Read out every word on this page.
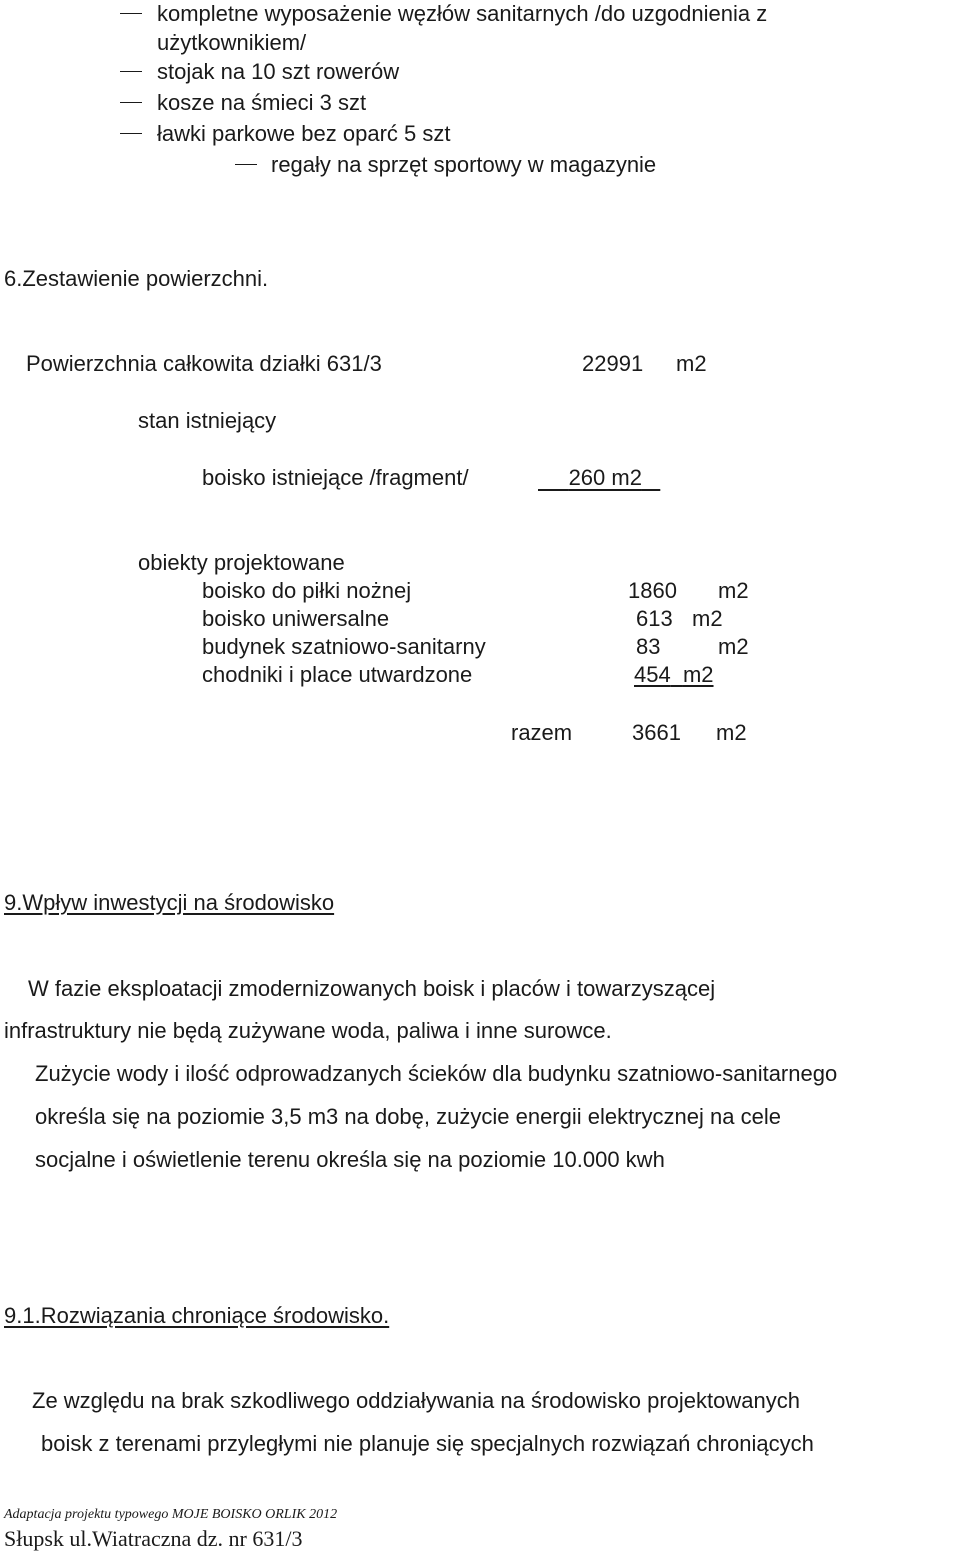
kompletne wyposażenie węzłów sanitarnych /do uzgodnienia z
użytkownikiem/
stojak na 10 szt rowerów
kosze na śmieci 3 szt
ławki parkowe bez oparć 5 szt
regały na sprzęt sportowy w magazynie
6.Zestawienie powierzchni.
Powierzchnia całkowita działki 631/3	22991 m2
stan istniejący
boisko istniejące /fragment/	260 m2
obiekty projektowane
boisko do piłki nożnej	1860 m2
boisko uniwersalne	613 m2
budynek szatniowo-sanitarny	83	m2
chodniki i place utwardzone	454 m2
razem	3661 m2
9.Wpływ inwestycji na środowisko
W fazie eksploatacji zmodernizowanych boisk i placów i towarzyszącej
infrastruktury nie będą zużywane woda, paliwa i inne surowce.
Zużycie wody i ilość odprowadzanych ścieków dla budynku szatniowo-sanitarnego
określa się na poziomie 3,5 m3 na dobę, zużycie energii elektrycznej na cele
socjalne i oświetlenie terenu określa się na poziomie 10.000 kwh
9.1.Rozwiązania chroniące środowisko.
Ze względu na brak szkodliwego oddziaływania na środowisko projektowanych
boisk z terenami przyległymi nie planuje się specjalnych rozwiązań chroniących
Adaptacja projektu typowego MOJE BOISKO ORLIK 2012
Słupsk ul.Wiatraczna dz. nr 631/3
